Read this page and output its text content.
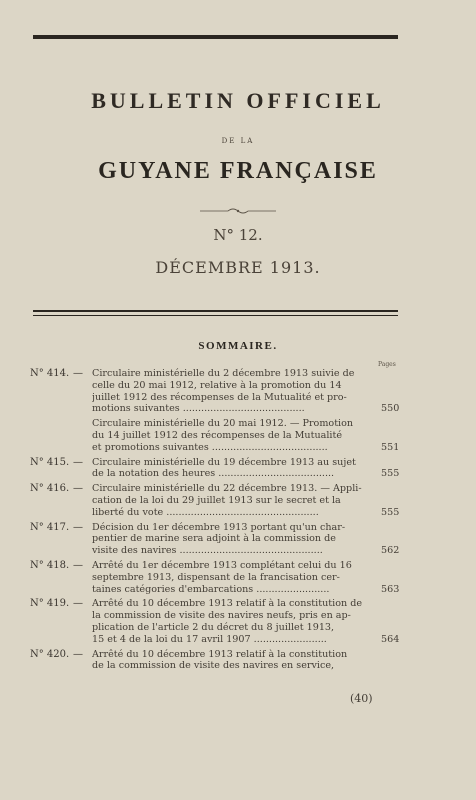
BULLETIN OFFICIEL
DE LA
GUYANE FRANÇAISE
N° 12.
DÉCEMBRE 1913.
SOMMAIRE.
Pages
N° 414. — Circulaire ministérielle du 2 décembre 1913 suivie de
celle du 20 mai 1912, relative à la promotion du 14
juillet 1912 des récompenses de la Mutualité et pro-
motions suivantes ........................................	550
Circulaire ministérielle du 20 mai 1912. — Promotion
du 14 juillet 1912 des récompenses de la Mutualité
et promotions suivantes ......................................	551
N° 415. — Circulaire ministérielle du 19 décembre 1913 au sujet
de la notation des heures ......................................	555
N° 416. — Circulaire ministérielle du 22 décembre 1913. — Appli-
cation de la loi du 29 juillet 1913 sur le secret et la
liberté du vote ..................................................	555
N° 417. — Décision du 1er décembre 1913 portant qu'un char-
pentier de marine sera adjoint à la commission de
visite des navires ...............................................	562
N° 418. — Arrêté du 1er décembre 1913 complétant celui du 16
septembre 1913, dispensant de la francisation cer-
taines catégories d'embarcations ........................	563
N° 419. — Arrêté du 10 décembre 1913 relatif à la constitution de
la commission de visite des navires neufs, pris en ap-
plication de l'article 2 du décret du 8 juillet 1913,
15 et 4 de la loi du 17 avril 1907 ........................	564
N° 420. — Arrêté du 10 décembre 1913 relatif à la constitution
de la commission de visite des navires en service,
(40)
